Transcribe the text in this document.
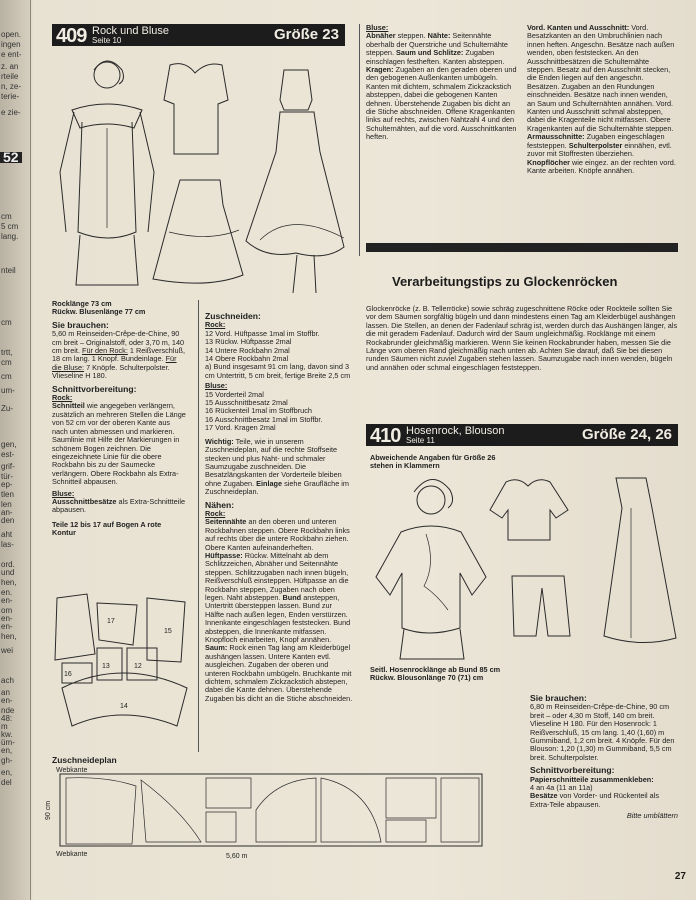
open.
ingen
e ent-
z. an
rteile
n, ze-
terie-
e zie-
52
cm
5 cm
lang.
nteil
cm
trtt,
cm
cm
um-
Zu-
gen,
est-
grif-
tür-
ep-
tlen
len
an-
den
aht
las-
ord.
und
hen,
en.
en-
om
en-
en-
hen,
wei
ach
an
en-
nde
48:
m
kw.
üm-
en,
gh-
en,
del
409 Rock und Bluse
Seite 10	Größe 23

Rocklänge 73 cm
Rückw. Blusenlänge 77 cm

Sie brauchen:

5,60 m Reinseiden-Crêpe-de-Chine, 90 cm breit – Originalstoff, oder 3,70 m, 140 cm breit. Für den Rock: 1 Reißverschluß, 18 cm lang. 1 Knopf. Bundeinlage. Für die Bluse: 7 Knöpfe. Schulterpolster. Vlieseline H 180.

Schnittvorbereitung:

Rock:
Schnitteil wie angegeben verlängern, zusätzlich an mehreren Stellen die Länge von 52 cm vor der oberen Kante aus nach unten abmessen und markieren. Saumlinie mit Hilfe der Markierungen in schönem Bogen zeichnen. Die eingezeichnete Linie für die obere Rockbahn bis zu der Saumecke verlängern. Obere Rockbahn als Extra-Schnitteil abpausen.

Bluse:
Ausschnittbesätze als Extra-Schnittteile abpausen.

Teile 12 bis 17 auf Bogen A rote Kontur

16
13	12
15
17
14
Zuschneideplan
Webkante
Webkante	5,60 m
90 cm
Zuschneiden:
Rock:
12 Vord. Hüftpasse 1mal im Stoffbr.
13 Rückw. Hüftpasse 2mal
14 Untere Rockbahn 2mal
14 Obere Rockbahn 2mal
a) Bund insgesamt 91 cm lang, davon sind 3 cm Untertritt, 5 cm breit, fertige Breite 2,5 cm
Bluse:
15 Vorderteil 2mal
15 Ausschnittbesatz 2mal
16 Rückenteil 1mal im Stoffbruch
16 Ausschnittbesatz 1mal im Stoffbr.
17 Vord. Kragen 2mal

Wichtig: Teile, wie in unserem Zuschneideplan, auf die rechte Stoffseite stecken und plus Naht- und schmaler Saumzugabe zuschneiden. Die Besatzlängskanten der Vorderteile bleiben ohne Zugaben. Einlage siehe Graufläche im Zuschneideplan.

Nähen:
Rock:

Seitennähte an den oberen und unteren Rockbahnen steppen. Obere Rockbahn links auf rechts über die untere Rockbahn ziehen. Obere Kanten aufeinanderheften. Hüftpasse: Rückw. Mittelnaht ab dem Schlitzzeichen, Abnäher und Seitennähte steppen. Schlitzzugaben nach innen bügeln, Reißverschluß einsteppen. Hüftpasse an die Rockbahn steppen, Zugaben nach oben legen. Naht absteppen. Bund ansteppen, Untertritt übersteppen lassen. Bund zur Hälfte nach außen legen, Enden verstürzen. Innenkante eingeschlagen feststecken. Bund absteppen, die Innenkante mitfassen. Knopfloch einarbeiten, Knopf annähen. Saum: Rock einen Tag lang am Kleiderbügel aushängen lassen. Untere Kanten evtl. ausgleichen. Zugaben der oberen und unteren Rockbahn umbügeln. Bruchkante mit dichtem, schmalem Zickzackstich abstepen, dabei die Kante dehnen. Überstehende Zugaben bis dicht an die Stiche abschneiden.

Bluse:

Abnäher steppen. Nähte: Seitennähte oberhalb der Querstriche und Schulternähte steppen. Saum und Schlitze: Zugaben einschlagen festheften. Kanten absteppen. Kragen: Zugaben an den geraden oberen und den gebogenen Außenkanten umbügeln. Kanten mit dichtem, schmalem Zickzackstich absteppen, dabei die gebogenen Kanten dehnen. Überstehende Zugaben bis dicht an die Stiche abschneiden. Offene Kragenkanten links auf rechts, zwischen Nahtzahl 4 und den Schulternähten, auf die vord. Ausschnittkanten heften.

Vord. Kanten und Ausschnitt: Vord. Besatzkanten an den Umbruchlinien nach innen heften. Angeschn. Besätze nach außen wenden, oben feststecken. An den Ausschnittbesätzen die Schulternähte steppen. Besatz auf den Ausschnitt stecken, die Enden liegen auf den angeschn. Besätzen. Zugaben an den Rundungen einschneiden. Besätze nach innen wenden, an Saum und Schulternähten annähen. Vord. Kanten und Ausschnitt schmal absteppen, dabei die Kragenteile nicht mitfassen. Obere Kragenkanten auf die Schulternähte steppen. Armausschnitte: Zugaben eingeschlagen feststeppen. Schulterpolster einnähen, evtl. zuvor mit Stoffresten überziehen. Knopflöcher wie eingez. an der rechten vord. Kante arbeiten. Knöpfe annähen.

Verarbeitungstips zu Glockenröcken
Glockenröcke (z. B. Tellerröcke) sowie schräg zugeschnittene Röcke oder Rockteile sollten Sie vor dem Säumen sorgfältig bügeln und dann mindestens einen Tag am Kleiderbügel aushängen lassen. Die Stellen, an denen der Fadenlauf schräg ist, werden durch das Aushängen länger, als die mit geradem Fadenlauf. Dadurch wird der Saum ungleichmäßig. Rocklänge mit einem Rockabrunder gleichmäßig markieren. Wenn Sie keinen Rockabrunder haben, messen Sie die Länge vom oberen Rand gleichmäßig nach unten ab. Achten Sie darauf, daß Sie bei diesen runden Säumen nicht zuviel Zugaben stehen lassen. Saumzugabe nach innen wenden, bügeln und annähen oder schmal eingeschlagen feststeppen.
410 Hosenrock, Blouson
Seite 11	Größe 24, 26
Abweichende Angaben für Größe 26 stehen in Klammern
Seitl. Hosenrocklänge ab Bund 85 cm
Rückw. Blousonlänge 70 (71) cm
Sie brauchen:

6,80 m Reinseiden-Crêpe-de-Chine, 90 cm breit – oder 4,30 m Stoff, 140 cm breit. Vlieseline H 180. Für den Hosenrock: 1 Reißverschluß, 15 cm lang. 1,40 (1,60) m Gummiband, 1,2 cm breit. 4 Knöpfe. Für den Blouson: 1,20 (1,30) m Gummiband, 5,5 cm breit. Schulterpolster.

Schnittvorbereitung:

Papierschnitteile zusammenkleben:
4 an 4a (11 an 11a)
Besätze von Vorder- und Rückenteil als Extra-Teile abpausen.

Bitte umblättern

27
